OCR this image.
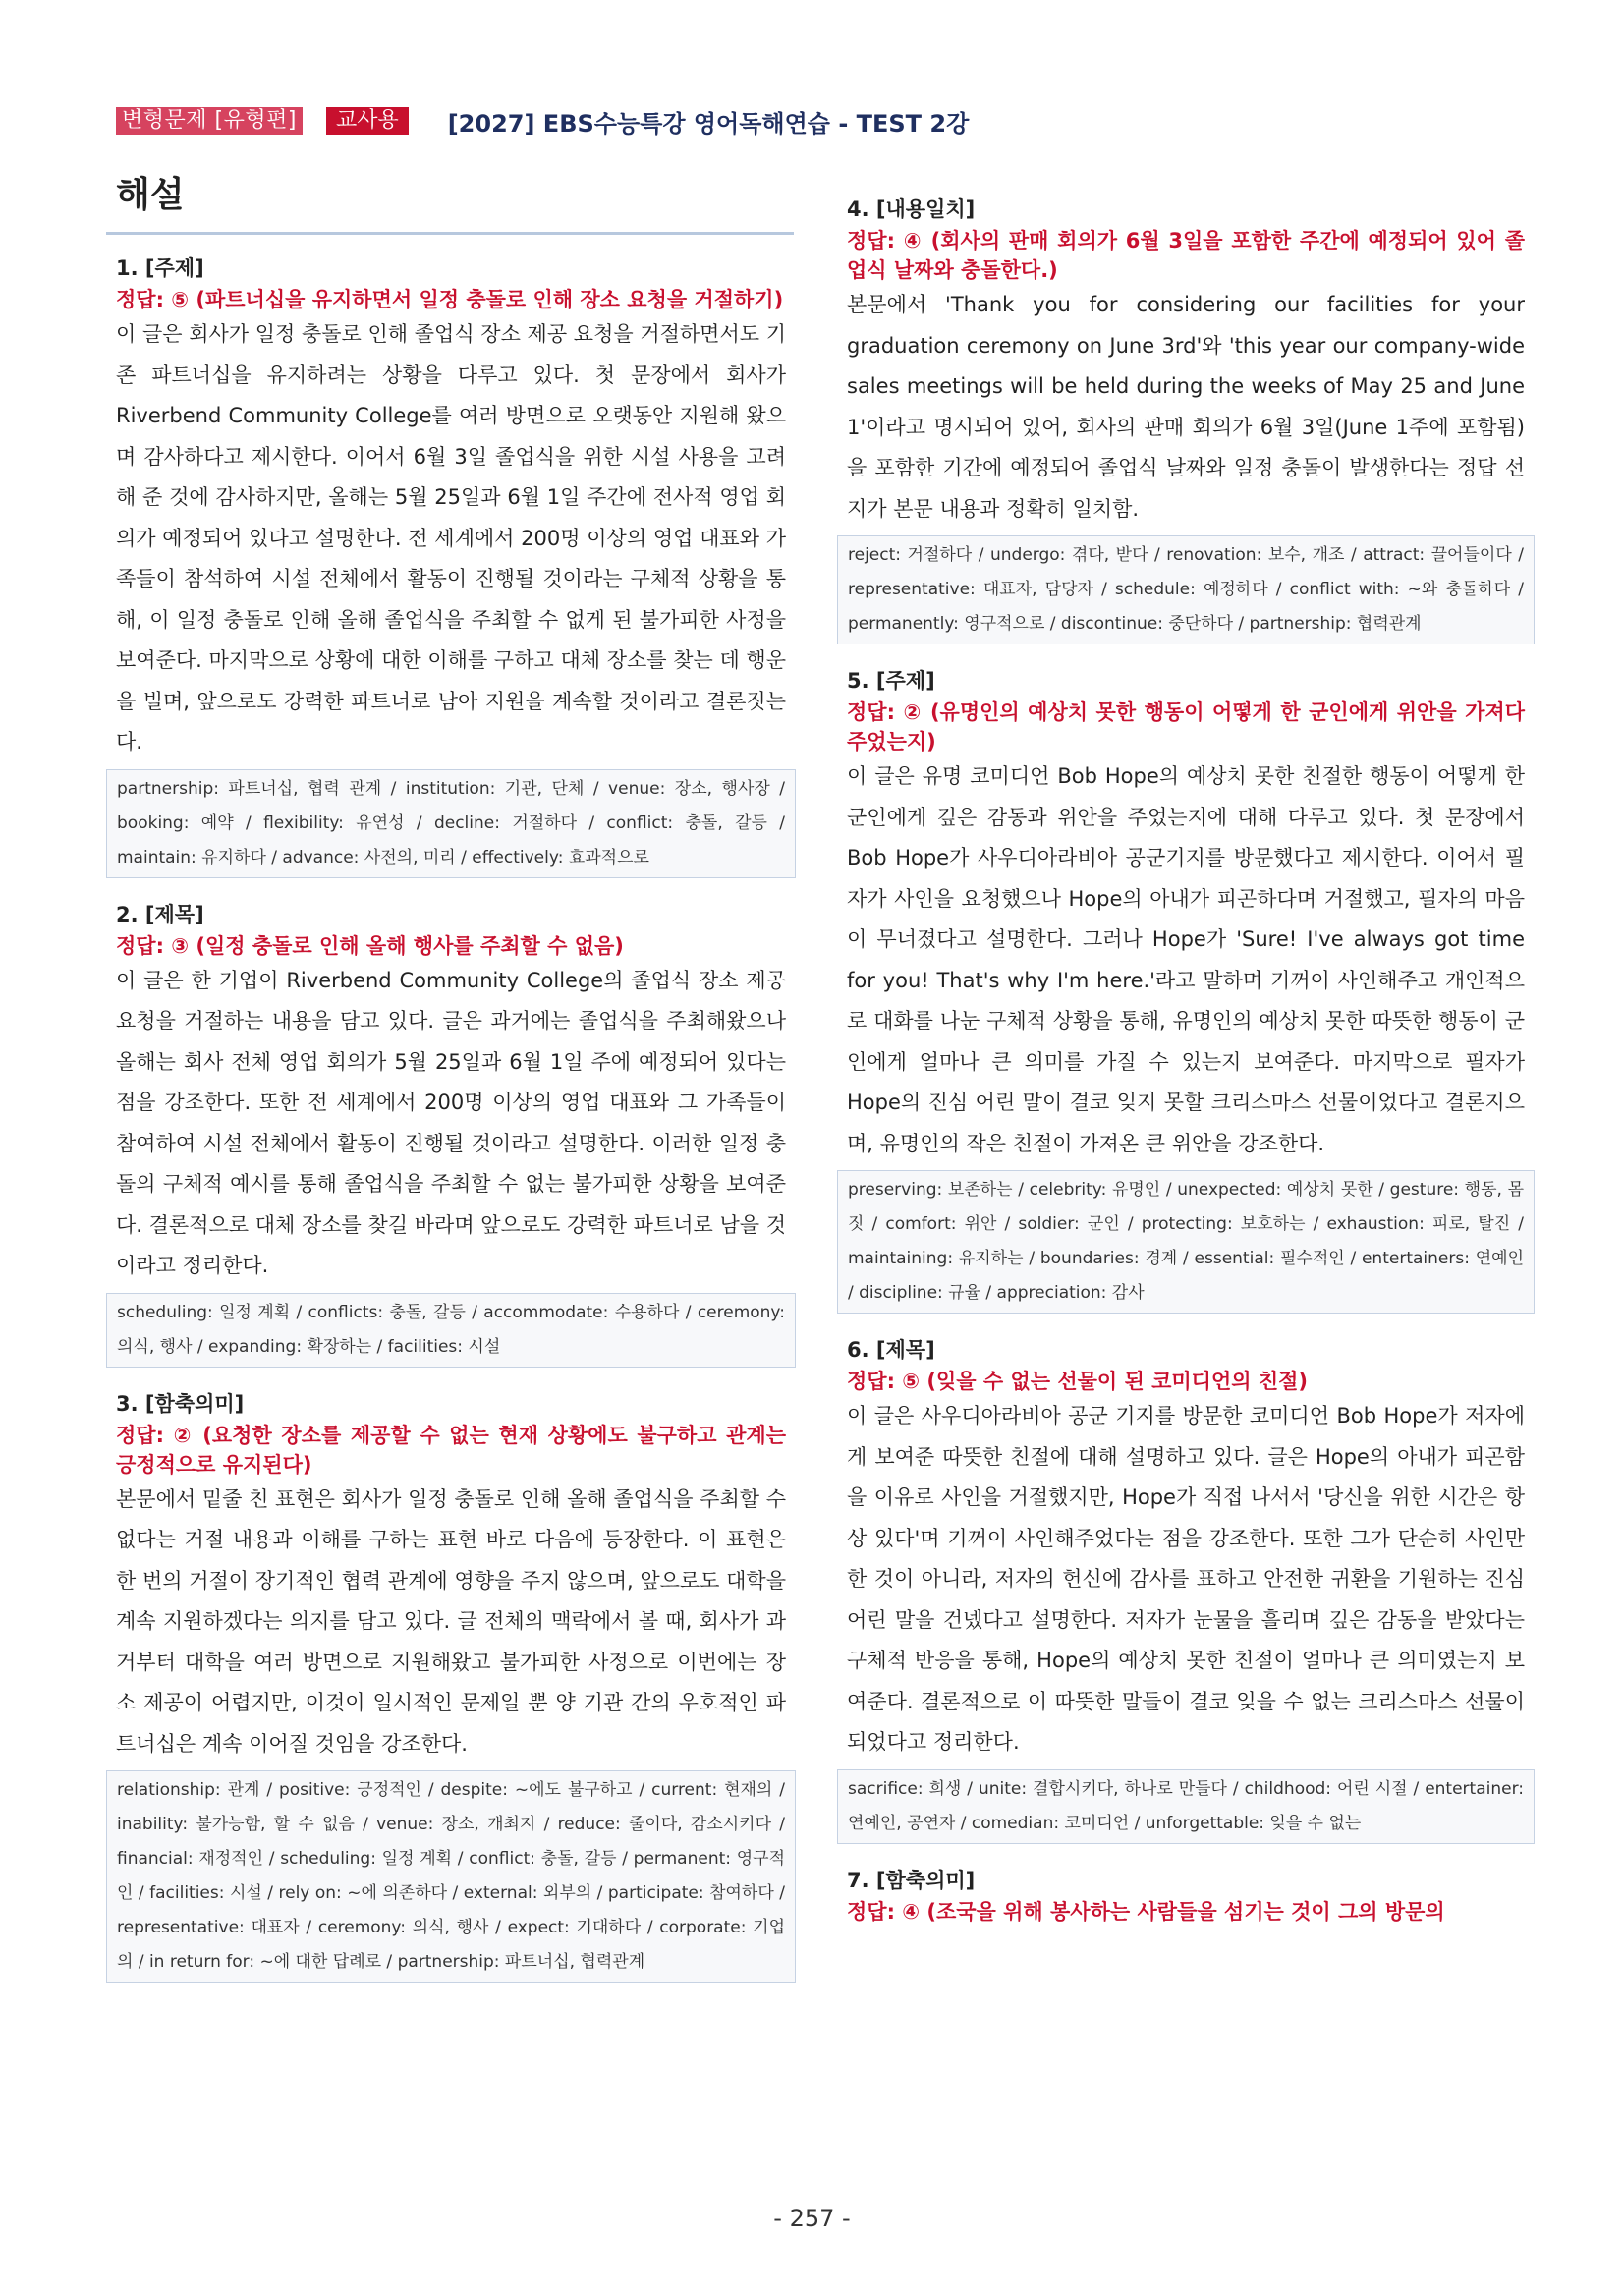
변형문제 [유형편]	교사용	[2027] EBS수능특강 영어독해연습 - TEST 2강
해설
1. [주제]
정답: ⑤ (파트너십을 유지하면서 일정 충돌로 인해 장소 요청을 거절하기)
이 글은 회사가 일정 충돌로 인해 졸업식 장소 제공 요청을 거절하면서도 기존 파트너십을 유지하려는 상황을 다루고 있다. 첫 문장에서 회사가 Riverbend Community College를 여러 방면으로 오랫동안 지원해 왔으며 감사하다고 제시한다. 이어서 6월 3일 졸업식을 위한 시설 사용을 고려해 준 것에 감사하지만, 올해는 5월 25일과 6월 1일 주간에 전사적 영업 회의가 예정되어 있다고 설명한다. 전 세계에서 200명 이상의 영업 대표와 가족들이 참석하여 시설 전체에서 활동이 진행될 것이라는 구체적 상황을 통해, 이 일정 충돌로 인해 올해 졸업식을 주최할 수 없게 된 불가피한 사정을 보여준다. 마지막으로 상황에 대한 이해를 구하고 대체 장소를 찾는 데 행운을 빌며, 앞으로도 강력한 파트너로 남아 지원을 계속할 것이라고 결론짓는다.
partnership: 파트너십, 협력 관계 / institution: 기관, 단체 / venue: 장소, 행사장 / booking: 예약 / flexibility: 유연성 / decline: 거절하다 / conflict: 충돌, 갈등 / maintain: 유지하다 / advance: 사전의, 미리 / effectively: 효과적으로
2. [제목]
정답: ③ (일정 충돌로 인해 올해 행사를 주최할 수 없음)
이 글은 한 기업이 Riverbend Community College의 졸업식 장소 제공 요청을 거절하는 내용을 담고 있다. 글은 과거에는 졸업식을 주최해왔으나 올해는 회사 전체 영업 회의가 5월 25일과 6월 1일 주에 예정되어 있다는 점을 강조한다. 또한 전 세계에서 200명 이상의 영업 대표와 그 가족들이 참여하여 시설 전체에서 활동이 진행될 것이라고 설명한다. 이러한 일정 충돌의 구체적 예시를 통해 졸업식을 주최할 수 없는 불가피한 상황을 보여준다. 결론적으로 대체 장소를 찾길 바라며 앞으로도 강력한 파트너로 남을 것이라고 정리한다.
scheduling: 일정 계획 / conflicts: 충돌, 갈등 / accommodate: 수용하다 / ceremony: 의식, 행사 / expanding: 확장하는 / facilities: 시설
3. [함축의미]
정답: ② (요청한 장소를 제공할 수 없는 현재 상황에도 불구하고 관계는 긍정적으로 유지된다)
본문에서 밑줄 친 표현은 회사가 일정 충돌로 인해 올해 졸업식을 주최할 수 없다는 거절 내용과 이해를 구하는 표현 바로 다음에 등장한다. 이 표현은 한 번의 거절이 장기적인 협력 관계에 영향을 주지 않으며, 앞으로도 대학을 계속 지원하겠다는 의지를 담고 있다. 글 전체의 맥락에서 볼 때, 회사가 과거부터 대학을 여러 방면으로 지원해왔고 불가피한 사정으로 이번에는 장소 제공이 어렵지만, 이것이 일시적인 문제일 뿐 양 기관 간의 우호적인 파트너십은 계속 이어질 것임을 강조한다.
relationship: 관계 / positive: 긍정적인 / despite: ~에도 불구하고 / current: 현재의 / inability: 불가능함, 할 수 없음 / venue: 장소, 개최지 / reduce: 줄이다, 감소시키다 / financial: 재정적인 / scheduling: 일정 계획 / conflict: 충돌, 갈등 / permanent: 영구적인 / facilities: 시설 / rely on: ~에 의존하다 / external: 외부의 / participate: 참여하다 / representative: 대표자 / ceremony: 의식, 행사 / expect: 기대하다 / corporate: 기업의 / in return for: ~에 대한 답례로 / partnership: 파트너십, 협력관계
4. [내용일치]
정답: ④ (회사의 판매 회의가 6월 3일을 포함한 주간에 예정되어 있어 졸업식 날짜와 충돌한다.)
본문에서 'Thank you for considering our facilities for your graduation ceremony on June 3rd'와 'this year our company-wide sales meetings will be held during the weeks of May 25 and June 1'이라고 명시되어 있어, 회사의 판매 회의가 6월 3일(June 1주에 포함됨)을 포함한 기간에 예정되어 졸업식 날짜와 일정 충돌이 발생한다는 정답 선지가 본문 내용과 정확히 일치함.
reject: 거절하다 / undergo: 겪다, 받다 / renovation: 보수, 개조 / attract: 끌어들이다 / representative: 대표자, 담당자 / schedule: 예정하다 / conflict with: ~와 충돌하다 / permanently: 영구적으로 / discontinue: 중단하다 / partnership: 협력관계
5. [주제]
정답: ② (유명인의 예상치 못한 행동이 어떻게 한 군인에게 위안을 가져다주었는지)
이 글은 유명 코미디언 Bob Hope의 예상치 못한 친절한 행동이 어떻게 한 군인에게 깊은 감동과 위안을 주었는지에 대해 다루고 있다. 첫 문장에서 Bob Hope가 사우디아라비아 공군기지를 방문했다고 제시한다. 이어서 필자가 사인을 요청했으나 Hope의 아내가 피곤하다며 거절했고, 필자의 마음이 무너졌다고 설명한다. 그러나 Hope가 'Sure! I've always got time for you! That's why I'm here.'라고 말하며 기꺼이 사인해주고 개인적으로 대화를 나눈 구체적 상황을 통해, 유명인의 예상치 못한 따뜻한 행동이 군인에게 얼마나 큰 의미를 가질 수 있는지 보여준다. 마지막으로 필자가 Hope의 진심 어린 말이 결코 잊지 못할 크리스마스 선물이었다고 결론지으며, 유명인의 작은 친절이 가져온 큰 위안을 강조한다.
preserving: 보존하는 / celebrity: 유명인 / unexpected: 예상치 못한 / gesture: 행동, 몸짓 / comfort: 위안 / soldier: 군인 / protecting: 보호하는 / exhaustion: 피로, 탈진 / maintaining: 유지하는 / boundaries: 경계 / essential: 필수적인 / entertainers: 연예인 / discipline: 규율 / appreciation: 감사
6. [제목]
정답: ⑤ (잊을 수 없는 선물이 된 코미디언의 친절)
이 글은 사우디아라비아 공군 기지를 방문한 코미디언 Bob Hope가 저자에게 보여준 따뜻한 친절에 대해 설명하고 있다. 글은 Hope의 아내가 피곤함을 이유로 사인을 거절했지만, Hope가 직접 나서서 '당신을 위한 시간은 항상 있다'며 기꺼이 사인해주었다는 점을 강조한다. 또한 그가 단순히 사인만 한 것이 아니라, 저자의 헌신에 감사를 표하고 안전한 귀환을 기원하는 진심 어린 말을 건넸다고 설명한다. 저자가 눈물을 흘리며 깊은 감동을 받았다는 구체적 반응을 통해, Hope의 예상치 못한 친절이 얼마나 큰 의미였는지 보여준다. 결론적으로 이 따뜻한 말들이 결코 잊을 수 없는 크리스마스 선물이 되었다고 정리한다.
sacrifice: 희생 / unite: 결합시키다, 하나로 만들다 / childhood: 어린 시절 / entertainer: 연예인, 공연자 / comedian: 코미디언 / unforgettable: 잊을 수 없는
7. [함축의미]
정답: ④ (조국을 위해 봉사하는 사람들을 섬기는 것이 그의 방문의
- 257 -
